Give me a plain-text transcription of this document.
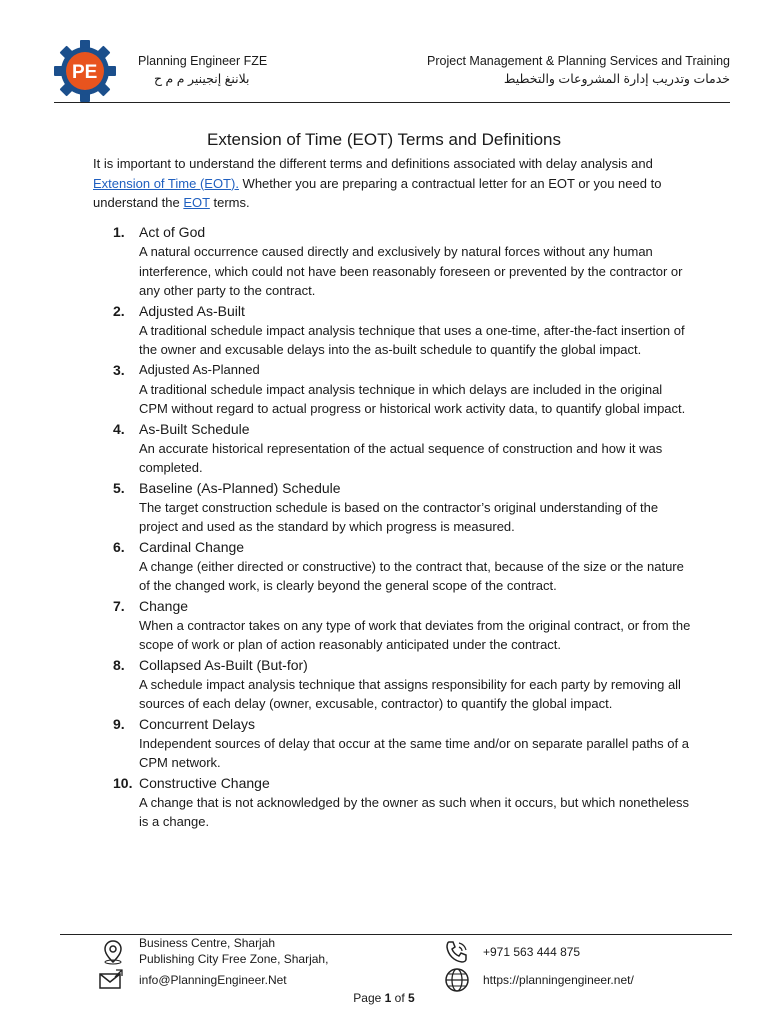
PE
Planning Engineer FZE
بلاننغ إنجينير م م ح
Project Management & Planning Services and Training
خدمات وتدريب إدارة المشروعات والتخطيط
Extension of Time (EOT) Terms and Definitions
It is important to understand the different terms and definitions associated with delay analysis and Extension of Time (EOT). Whether you are preparing a contractual letter for an EOT or you need to understand the EOT terms.
1. Act of God
A natural occurrence caused directly and exclusively by natural forces without any human interference, which could not have been reasonably foreseen or prevented by the contractor or any other party to the contract.
2. Adjusted As-Built
A traditional schedule impact analysis technique that uses a one-time, after-the-fact insertion of the owner and excusable delays into the as-built schedule to quantify the global impact.
3. Adjusted As-Planned
A traditional schedule impact analysis technique in which delays are included in the original CPM without regard to actual progress or historical work activity data, to quantify global impact.
4. As-Built Schedule
An accurate historical representation of the actual sequence of construction and how it was completed.
5. Baseline (As-Planned) Schedule
The target construction schedule is based on the contractor’s original understanding of the project and used as the standard by which progress is measured.
6. Cardinal Change
A change (either directed or constructive) to the contract that, because of the size or the nature of the changed work, is clearly beyond the general scope of the contract.
7. Change
When a contractor takes on any type of work that deviates from the original contract, or from the scope of work or plan of action reasonably anticipated under the contract.
8. Collapsed As-Built (But-for)
A schedule impact analysis technique that assigns responsibility for each party by removing all sources of each delay (owner, excusable, contractor) to quantify the global impact.
9. Concurrent Delays
Independent sources of delay that occur at the same time and/or on separate parallel paths of a CPM network.
10. Constructive Change
A change that is not acknowledged by the owner as such when it occurs, but which nonetheless is a change.
Business Centre, Sharjah
Publishing City Free Zone, Sharjah,
info@PlanningEngineer.Net
+971 563 444 875
https://planningengineer.net/
Page 1 of 5
